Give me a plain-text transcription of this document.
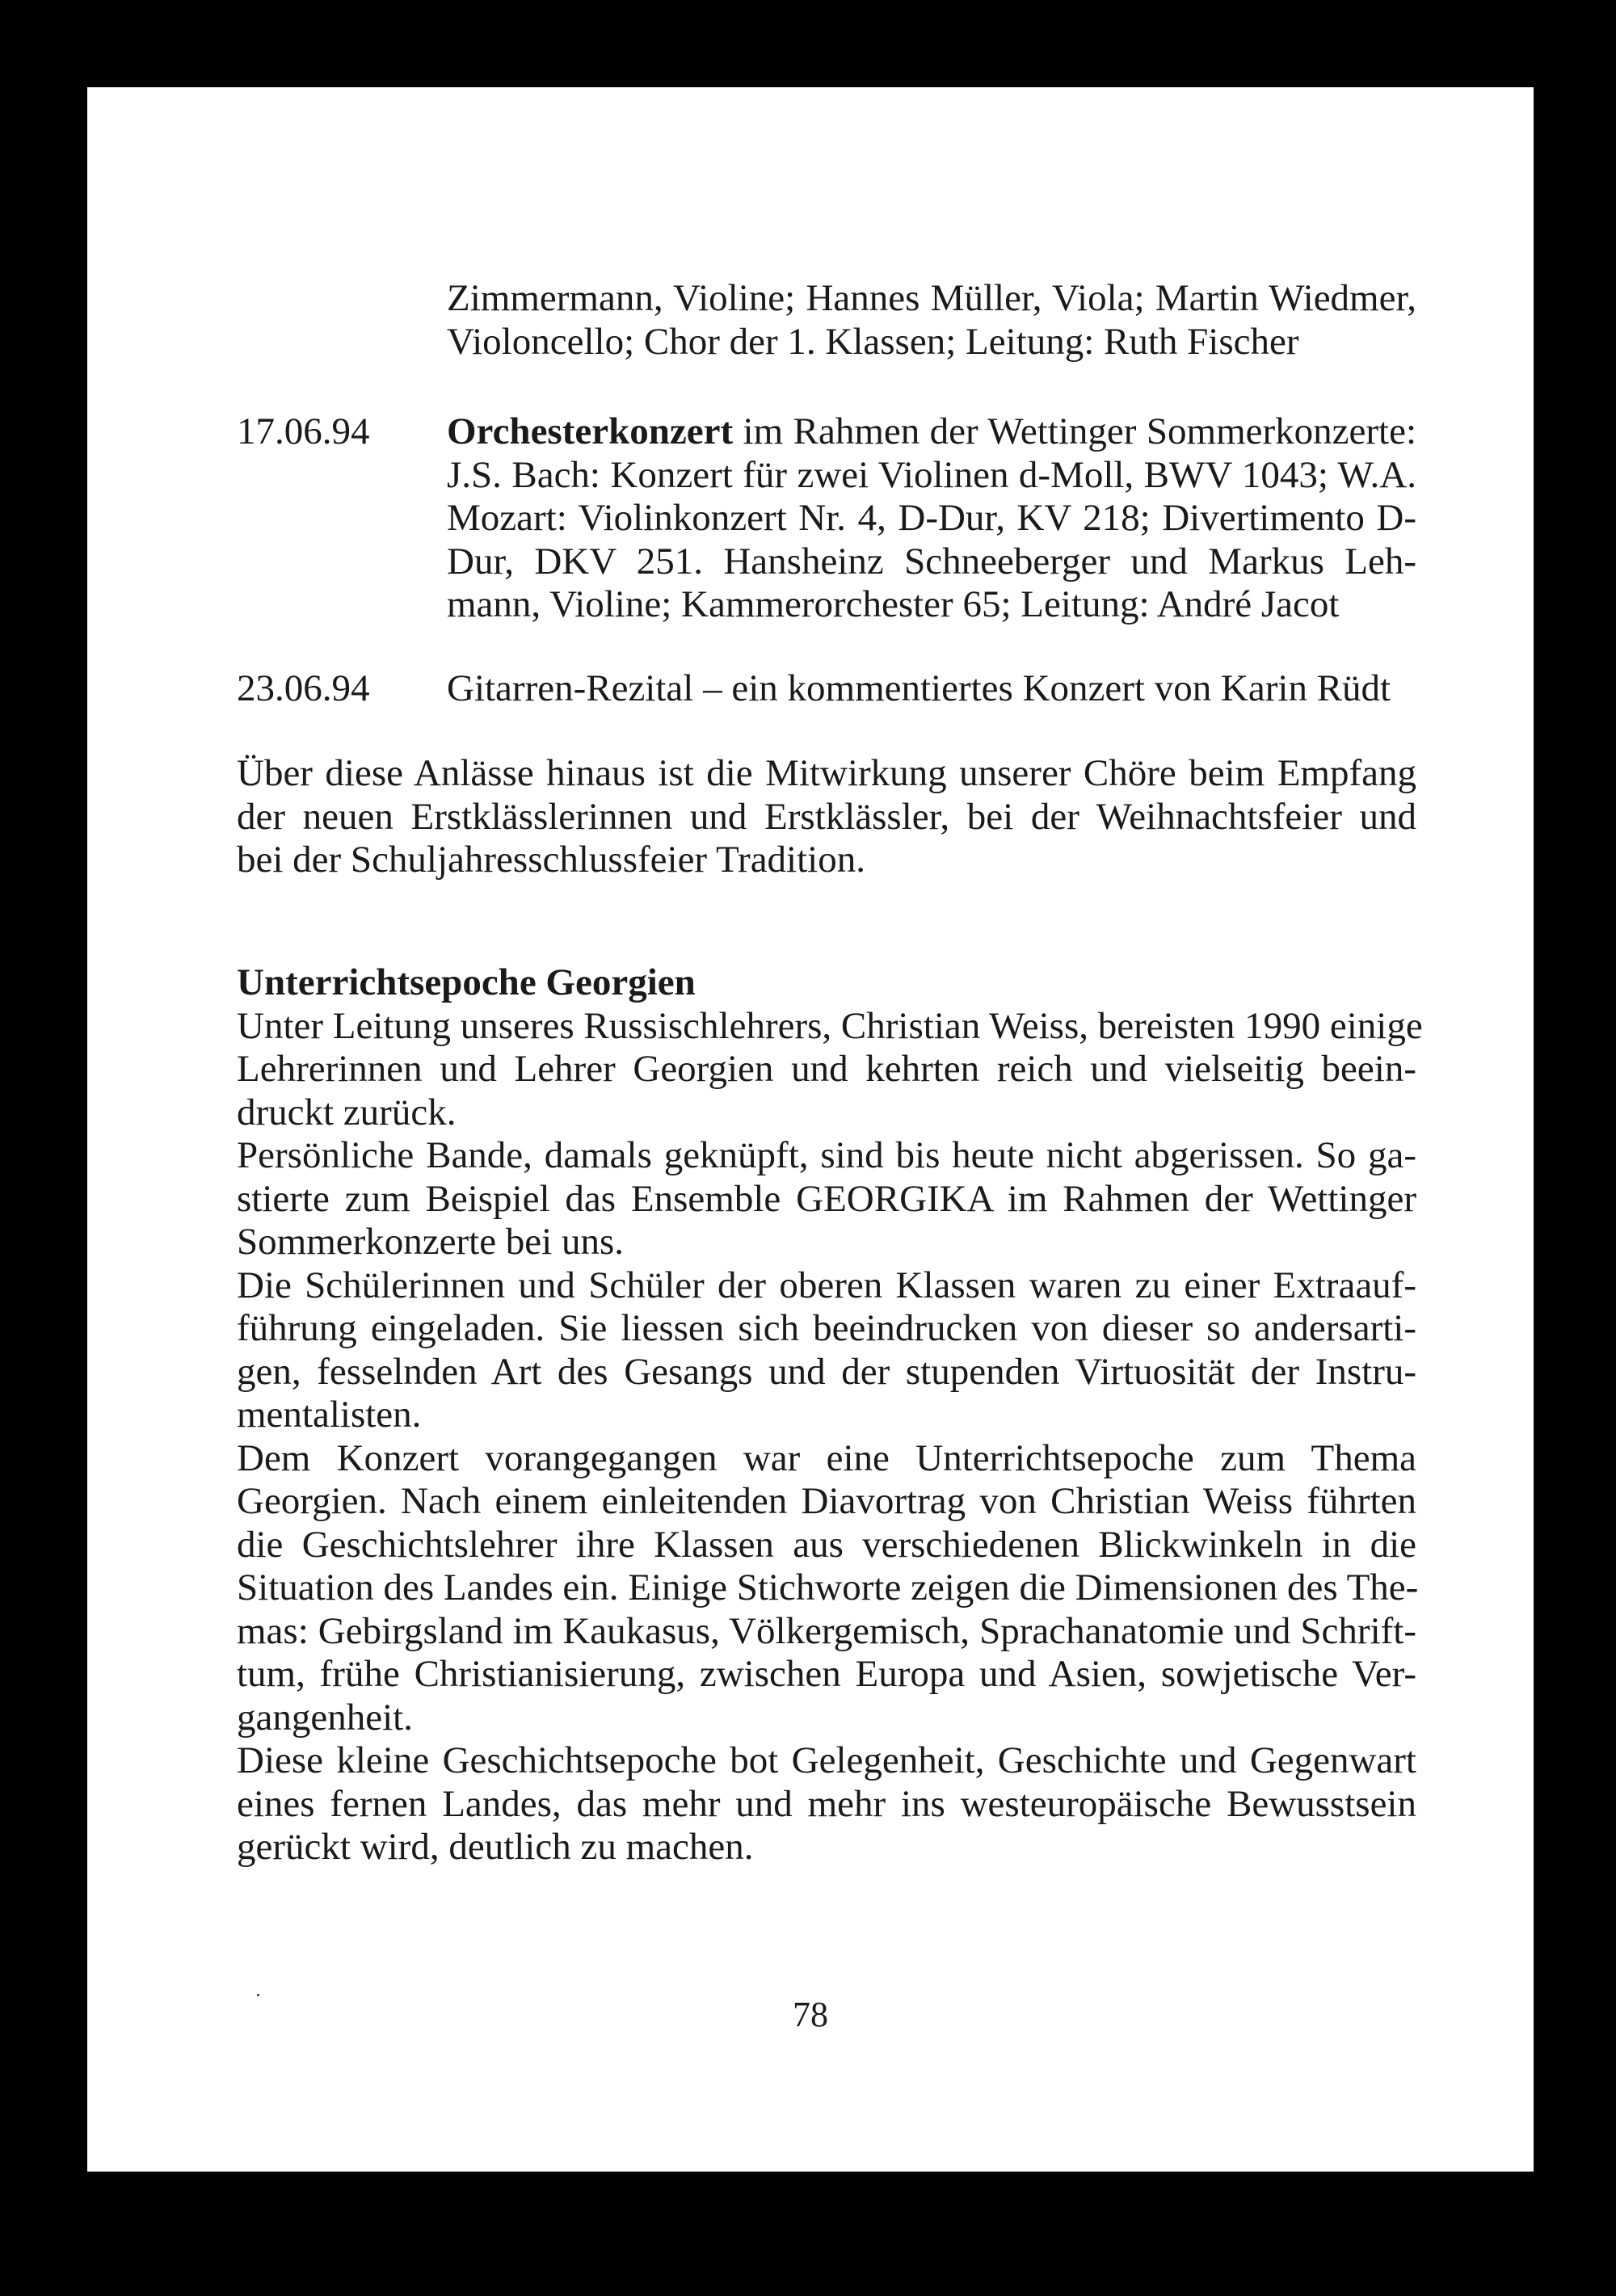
Zimmermann, Violine; Hannes Müller, Viola; Martin Wiedmer,
Violoncello; Chor der 1. Klassen; Leitung: Ruth Fischer
17.06.94 Orchesterkonzert im Rahmen der Wettinger Sommerkonzerte:
J.S. Bach: Konzert für zwei Violinen d-Moll, BWV 1043; W.A.
Mozart: Violinkonzert Nr. 4, D-Dur, KV 218; Divertimento D-
Dur, DKV 251. Hansheinz Schneeberger und Markus Leh-
mann, Violine; Kammerorchester 65; Leitung: André Jacot
23.06.94 Gitarren-Rezital – ein kommentiertes Konzert von Karin Rüdt
Über diese Anlässe hinaus ist die Mitwirkung unserer Chöre beim Empfang
der neuen Erstklässlerinnen und Erstklässler, bei der Weihnachtsfeier und
bei der Schuljahresschlussfeier Tradition.
Unterrichtsepoche Georgien
Unter Leitung unseres Russischlehrers, Christian Weiss, bereisten 1990 einige
Lehrerinnen und Lehrer Georgien und kehrten reich und vielseitig beein-
druckt zurück.
Persönliche Bande, damals geknüpft, sind bis heute nicht abgerissen. So ga-
stierte zum Beispiel das Ensemble GEORGIKA im Rahmen der Wettinger
Sommerkonzerte bei uns.
Die Schülerinnen und Schüler der oberen Klassen waren zu einer Extraauf-
führung eingeladen. Sie liessen sich beeindrucken von dieser so andersarti-
gen, fesselnden Art des Gesangs und der stupenden Virtuosität der Instru-
mentalisten.
Dem Konzert vorangegangen war eine Unterrichtsepoche zum Thema
Georgien. Nach einem einleitenden Diavortrag von Christian Weiss führten
die Geschichtslehrer ihre Klassen aus verschiedenen Blickwinkeln in die
Situation des Landes ein. Einige Stichworte zeigen die Dimensionen des The-
mas: Gebirgsland im Kaukasus, Völkergemisch, Sprachanatomie und Schrift-
tum, frühe Christianisierung, zwischen Europa und Asien, sowjetische Ver-
gangenheit.
Diese kleine Geschichtsepoche bot Gelegenheit, Geschichte und Gegenwart
eines fernen Landes, das mehr und mehr ins westeuropäische Bewusstsein
gerückt wird, deutlich zu machen.
78
